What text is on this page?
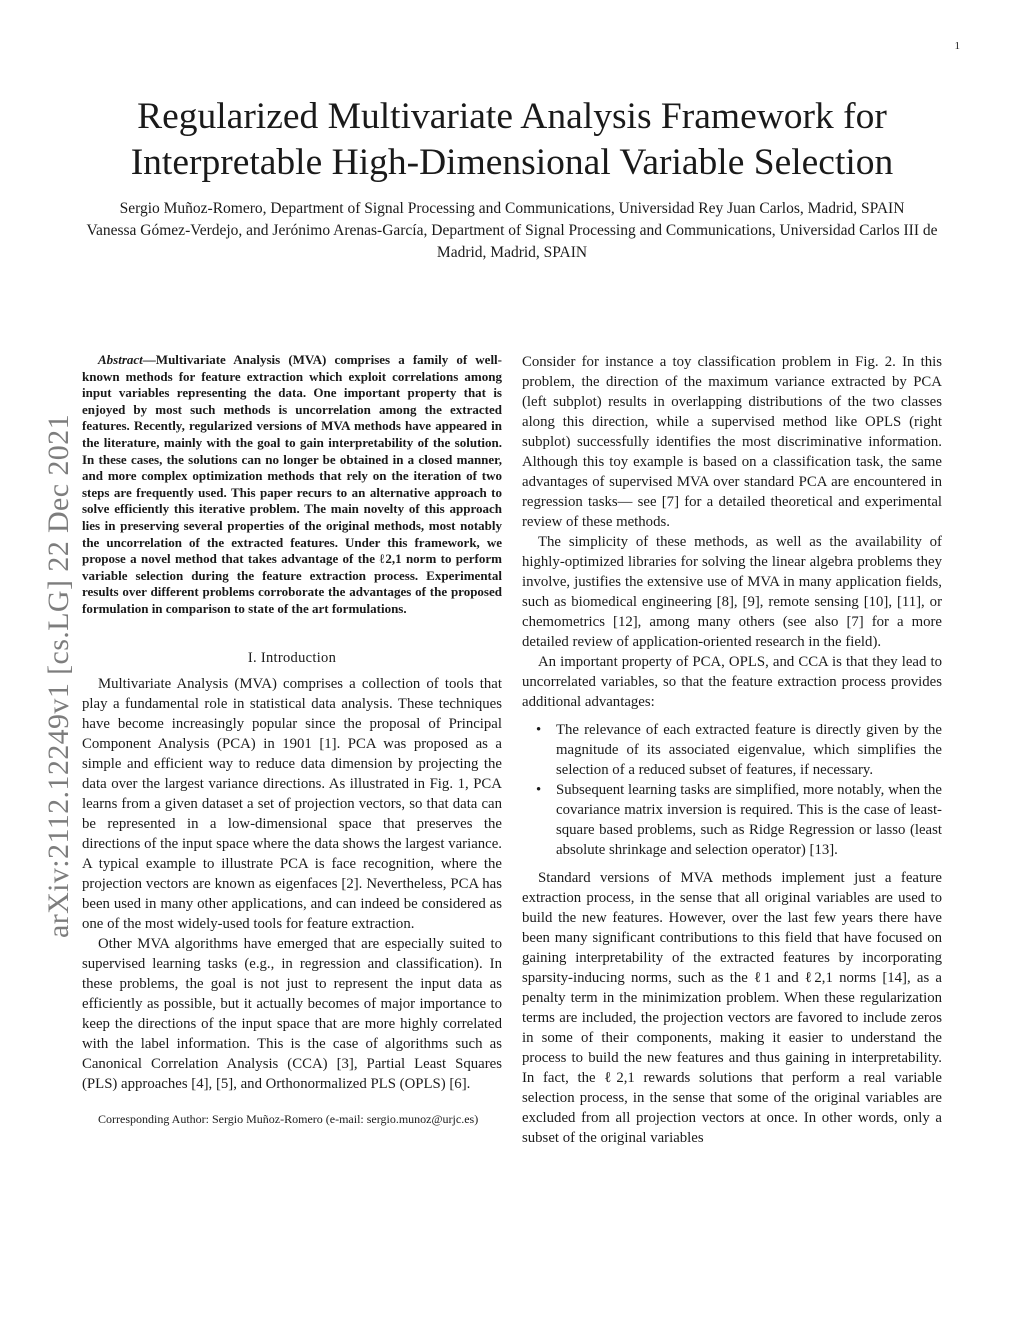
1
arXiv:2112.12249v1 [cs.LG] 22 Dec 2021
Regularized Multivariate Analysis Framework for Interpretable High-Dimensional Variable Selection
Sergio Muñoz-Romero, Department of Signal Processing and Communications, Universidad Rey Juan Carlos, Madrid, SPAIN
Vanessa Gómez-Verdejo, and Jerónimo Arenas-García, Department of Signal Processing and Communications, Universidad Carlos III de Madrid, Madrid, SPAIN

Abstract—Multivariate Analysis (MVA) comprises a family of well-known methods for feature extraction which exploit correlations among input variables representing the data. One important property that is enjoyed by most such methods is uncorrelation among the extracted features. Recently, regularized versions of MVA methods have appeared in the literature, mainly with the goal to gain interpretability of the solution. In these cases, the solutions can no longer be obtained in a closed manner, and more complex optimization methods that rely on the iteration of two steps are frequently used. This paper recurs to an alternative approach to solve efficiently this iterative problem. The main novelty of this approach lies in preserving several properties of the original methods, most notably the uncorrelation of the extracted features. Under this framework, we propose a novel method that takes advantage of the ℓ2,1 norm to perform variable selection during the feature extraction process. Experimental results over different problems corroborate the advantages of the proposed formulation in comparison to state of the art formulations.

I. Introduction

Multivariate Analysis (MVA) comprises a collection of tools that play a fundamental role in statistical data analysis. These techniques have become increasingly popular since the proposal of Principal Component Analysis (PCA) in 1901 [1]. PCA was proposed as a simple and efficient way to reduce data dimension by projecting the data over the largest variance directions. As illustrated in Fig. 1, PCA learns from a given dataset a set of projection vectors, so that data can be represented in a low-dimensional space that preserves the directions of the input space where the data shows the largest variance. A typical example to illustrate PCA is face recognition, where the projection vectors are known as eigenfaces [2]. Nevertheless, PCA has been used in many other applications, and can indeed be considered as one of the most widely-used tools for feature extraction.

Other MVA algorithms have emerged that are especially suited to supervised learning tasks (e.g., in regression and classification). In these problems, the goal is not just to represent the input data as efficiently as possible, but it actually becomes of major importance to keep the directions of the input space that are more highly correlated with the label information. This is the case of algorithms such as Canonical Correlation Analysis (CCA) [3], Partial Least Squares (PLS) approaches [4], [5], and Orthonormalized PLS (OPLS) [6].

Corresponding Author: Sergio Muñoz-Romero (e-mail: sergio.munoz@urjc.es)

Consider for instance a toy classification problem in Fig. 2. In this problem, the direction of the maximum variance extracted by PCA (left subplot) results in overlapping distributions of the two classes along this direction, while a supervised method like OPLS (right subplot) successfully identifies the most discriminative information. Although this toy example is based on a classification task, the same advantages of supervised MVA over standard PCA are encountered in regression tasks— see [7] for a detailed theoretical and experimental review of these methods.

The simplicity of these methods, as well as the availability of highly-optimized libraries for solving the linear algebra problems they involve, justifies the extensive use of MVA in many application fields, such as biomedical engineering [8], [9], remote sensing [10], [11], or chemometrics [12], among many others (see also [7] for a more detailed review of application-oriented research in the field).

An important property of PCA, OPLS, and CCA is that they lead to uncorrelated variables, so that the feature extraction process provides additional advantages:

• The relevance of each extracted feature is directly given by the magnitude of its associated eigenvalue, which simplifies the selection of a reduced subset of features, if necessary.
• Subsequent learning tasks are simplified, more notably, when the covariance matrix inversion is required. This is the case of least-square based problems, such as Ridge Regression or lasso (least absolute shrinkage and selection operator) [13].

Standard versions of MVA methods implement just a feature extraction process, in the sense that all original variables are used to build the new features. However, over the last few years there have been many significant contributions to this field that have focused on gaining interpretability of the extracted features by incorporating sparsity-inducing norms, such as the ℓ1 and ℓ2,1 norms [14], as a penalty term in the minimization problem. When these regularization terms are included, the projection vectors are favored to include zeros in some of their components, making it easier to understand the process to build the new features and thus gaining in interpretability. In fact, the ℓ2,1 rewards solutions that perform a real variable selection process, in the sense that some of the original variables are excluded from all projection vectors at once. In other words, only a subset of the original variables
